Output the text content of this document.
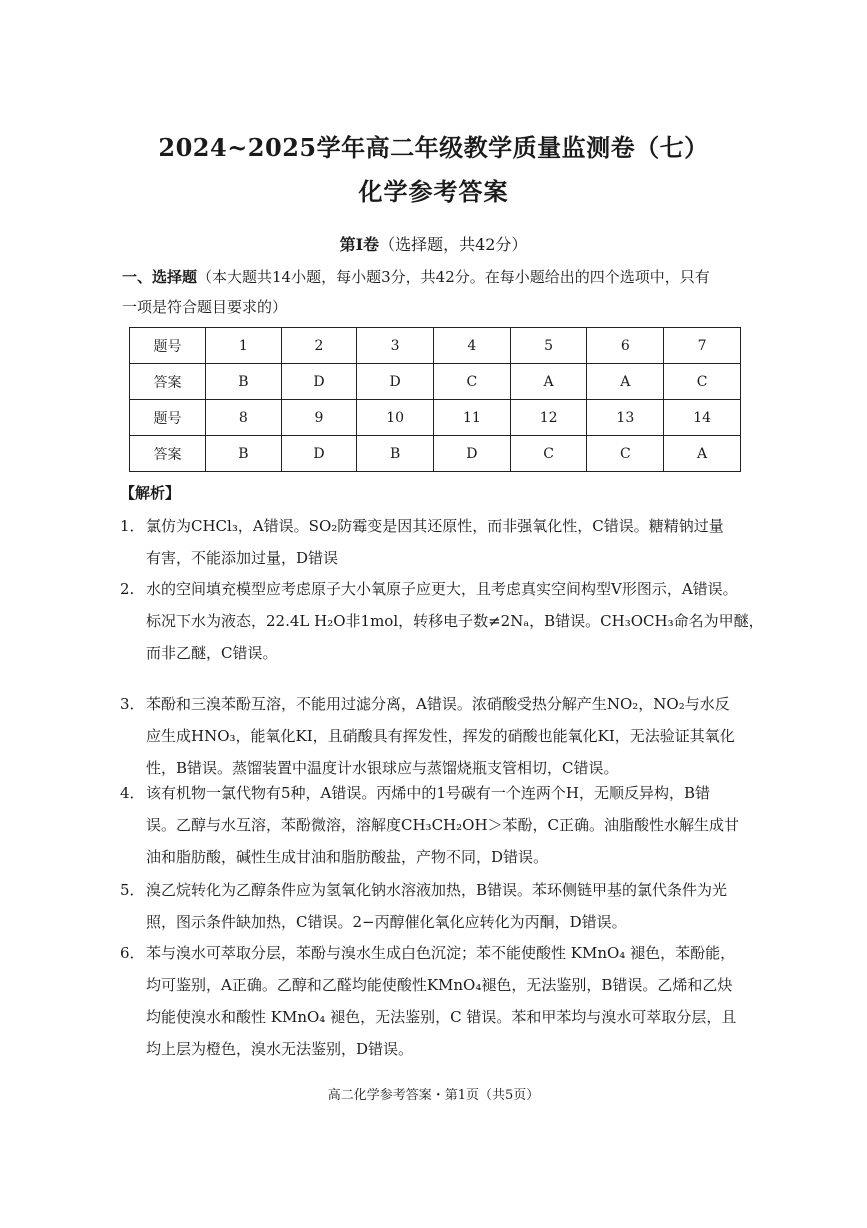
2024~2025学年高二年级教学质量监测卷（七）
化学参考答案
第Ⅰ卷（选择题，共42分）
一、选择题（本大题共14小题，每小题3分，共42分。在每小题给出的四个选项中，只有
一项是符合题目要求的）
题号	1	2	3	4	5	6	7
答案	B	D	D	C	A	A	C
题号	8	9	10	11	12	13	14
答案	B	D	B	D	C	C	A
【解析】
1． 氯仿为CHCl₃，A错误。SO₂防霉变是因其还原性，而非强氧化性，C错误。糖精钠过量
有害，不能添加过量，D错误
2. 水的空间填充模型应考虑原子大小氧原子应更大，且考虑真实空间构型V形图示，A错误。
标况下水为液态，22.4L H₂O非1mol，转移电子数≠2Nₐ，B错误。CH₃OCH₃命名为甲醚，
而非乙醚，C错误。
3． 苯酚和三溴苯酚互溶，不能用过滤分离，A错误。浓硝酸受热分解产生NO₂，NO₂与水反
应生成HNO₃，能氧化KI，且硝酸具有挥发性，挥发的硝酸也能氧化KI，无法验证其氧化
性，B错误。蒸馏装置中温度计水银球应与蒸馏烧瓶支管相切，C错误。
4． 该有机物一氯代物有5种，A错误。丙烯中的1号碳有一个连两个H，无顺反异构，B错
误。乙醇与水互溶，苯酚微溶，溶解度CH₃CH₂OH＞苯酚，C正确。油脂酸性水解生成甘
油和脂肪酸，碱性生成甘油和脂肪酸盐，产物不同，D错误。
5． 溴乙烷转化为乙醇条件应为氢氧化钠水溶液加热，B错误。苯环侧链甲基的氯代条件为光
照，图示条件缺加热，C错误。2−丙醇催化氧化应转化为丙酮，D错误。
6． 苯与溴水可萃取分层，苯酚与溴水生成白色沉淀；苯不能使酸性 KMnO₄ 褪色，苯酚能，
均可鉴别，A正确。乙醇和乙醛均能使酸性KMnO₄褪色，无法鉴别，B错误。乙烯和乙炔
均能使溴水和酸性 KMnO₄ 褪色，无法鉴别，C 错误。苯和甲苯均与溴水可萃取分层，且
均上层为橙色，溴水无法鉴别，D错误。
高二化学参考答案・第1页（共5页）
